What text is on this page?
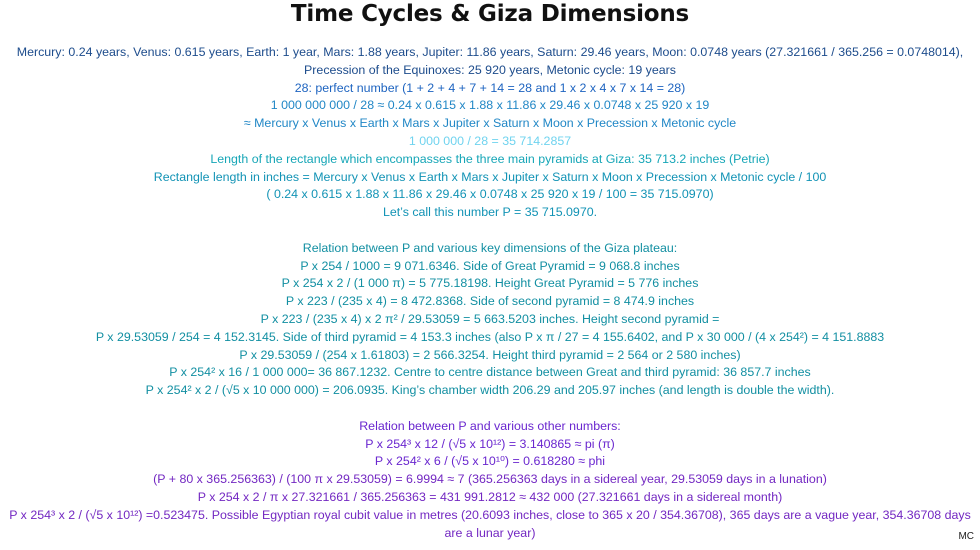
Time Cycles & Giza Dimensions

Mercury: 0.24 years, Venus: 0.615 years, Earth: 1 year, Mars: 1.88 years, Jupiter: 11.86 years, Saturn: 29.46 years, Moon: 0.0748 years (27.321661 / 365.256 = 0.0748014), Precession of the Equinoxes: 25 920 years, Metonic cycle: 19 years

28: perfect number (1 + 2 + 4 + 7 + 14 = 28 and 1 x 2 x 4 x 7 x 14 = 28)

1 000 000 000 / 28 ≈ 0.24 x 0.615 x 1.88 x 11.86 x 29.46 x 0.0748 x 25 920 x 19

≈ Mercury x Venus x Earth x Mars x Jupiter x Saturn x Moon x Precession x Metonic cycle

1 000 000 / 28 = 35 714.2857

Length of the rectangle which encompasses the three main pyramids at Giza: 35 713.2 inches (Petrie)

Rectangle length in inches = Mercury x Venus x Earth x Mars x Jupiter x Saturn x Moon x Precession x Metonic cycle / 100

( 0.24 x 0.615 x 1.88 x 11.86 x 29.46 x 0.0748 x 25 920 x 19 / 100 = 35 715.0970)

Let’s call this number P = 35 715.0970.

Relation between P and various key dimensions of the Giza plateau:

P x 254 / 1000 = 9 071.6346. Side of Great Pyramid = 9 068.8 inches

P x 254 x 2 / (1 000 π) = 5 775.18198. Height Great Pyramid = 5 776 inches

P x 223 / (235 x 4) = 8 472.8368. Side of second pyramid = 8 474.9 inches

P x 223 / (235 x 4) x 2 π² / 29.53059 = 5 663.5203 inches. Height second pyramid =

P x 29.53059 / 254 = 4 152.3145. Side of third pyramid = 4 153.3 inches (also P x π / 27 = 4 155.6402, and P x 30 000 / (4 x 254²) = 4 151.8883

P x 29.53059 / (254 x 1.61803) = 2 566.3254. Height third pyramid = 2 564 or 2 580 inches)

P x 254² x 16 / 1 000 000= 36 867.1232. Centre to centre distance between Great and third pyramid: 36 857.7 inches

P x 254² x 2 / (√5 x 10 000 000) = 206.0935. King’s chamber width 206.29 and 205.97 inches (and length is double the width).

Relation between P and various other numbers:

P x 254³ x 12 / (√5 x 10¹²) = 3.140865 ≈ pi (π)

P x 254² x 6 / (√5 x 10¹⁰) = 0.618280 ≈ phi

(P + 80 x 365.256363) / (100 π x 29.53059) = 6.9994 ≈ 7 (365.256363 days in a sidereal year, 29.53059 days in a lunation)

P x 254 x 2 / π x 27.321661 / 365.256363 = 431 991.2812 ≈ 432 000 (27.321661 days in a sidereal month)

P x 254³ x 2 / (√5 x 10¹²) =0.523475. Possible Egyptian royal cubit value in metres (20.6093 inches, close to 365 x 20 / 354.36708), 365 days are a vague year, 354.36708 days are a lunar year)	MC
